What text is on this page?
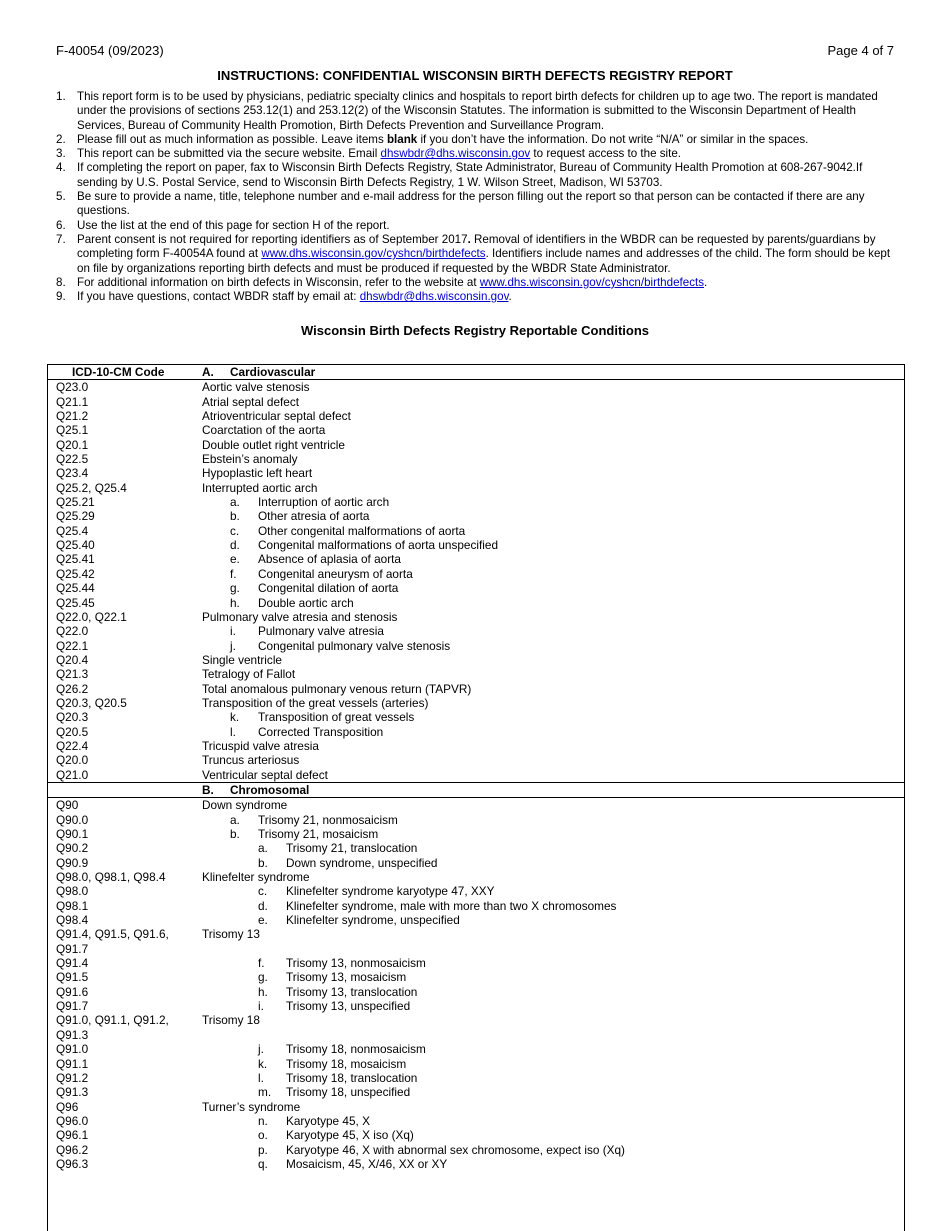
F-40054 (09/2023)	Page 4 of 7
INSTRUCTIONS: CONFIDENTIAL WISCONSIN BIRTH DEFECTS REGISTRY REPORT
1. This report form is to be used by physicians, pediatric specialty clinics and hospitals to report birth defects for children up to age two. The report is mandated under the provisions of sections 253.12(1) and 253.12(2) of the Wisconsin Statutes. The information is submitted to the Wisconsin Department of Health Services, Bureau of Community Health Promotion, Birth Defects Prevention and Surveillance Program.
2. Please fill out as much information as possible. Leave items blank if you don’t have the information. Do not write “N/A” or similar in the spaces.
3. This report can be submitted via the secure website. Email dhswbdr@dhs.wisconsin.gov to request access to the site.
4. If completing the report on paper, fax to Wisconsin Birth Defects Registry, State Administrator, Bureau of Community Health Promotion at 608-267-9042.If sending by U.S. Postal Service, send to Wisconsin Birth Defects Registry, 1 W. Wilson Street, Madison, WI 53703.
5. Be sure to provide a name, title, telephone number and e-mail address for the person filling out the report so that person can be contacted if there are any questions.
6. Use the list at the end of this page for section H of the report.
7. Parent consent is not required for reporting identifiers as of September 2017. Removal of identifiers in the WBDR can be requested by parents/guardians by completing form F-40054A found at www.dhs.wisconsin.gov/cyshcn/birthdefects. Identifiers include names and addresses of the child. The form should be kept on file by organizations reporting birth defects and must be produced if requested by the WBDR State Administrator.
8. For additional information on birth defects in Wisconsin, refer to the website at www.dhs.wisconsin.gov/cyshcn/birthdefects.
9. If you have questions, contact WBDR staff by email at: dhswbdr@dhs.wisconsin.gov.
Wisconsin Birth Defects Registry Reportable Conditions
ICD-10-CM Code	A. Cardiovascular
Q23.0	Aortic valve stenosis
Q21.1	Atrial septal defect
Q21.2	Atrioventricular septal defect
Q25.1	Coarctation of the aorta
Q20.1	Double outlet right ventricle
Q22.5	Ebstein’s anomaly
Q23.4	Hypoplastic left heart
Q25.2, Q25.4	Interrupted aortic arch
Q25.21	a. Interruption of aortic arch
Q25.29	b. Other atresia of aorta
Q25.4	c. Other congenital malformations of aorta
Q25.40	d. Congenital malformations of aorta unspecified
Q25.41	e. Absence of aplasia of aorta
Q25.42	f. Congenital aneurysm of aorta
Q25.44	g. Congenital dilation of aorta
Q25.45	h. Double aortic arch
Q22.0, Q22.1	Pulmonary valve atresia and stenosis
Q22.0	i. Pulmonary valve atresia
Q22.1	j. Congenital pulmonary valve stenosis
Q20.4	Single ventricle
Q21.3	Tetralogy of Fallot
Q26.2	Total anomalous pulmonary venous return (TAPVR)
Q20.3, Q20.5	Transposition of the great vessels (arteries)
Q20.3	k. Transposition of great vessels
Q20.5	l. Corrected Transposition
Q22.4	Tricuspid valve atresia
Q20.0	Truncus arteriosus
Q21.0	Ventricular septal defect
B. Chromosomal
Q90	Down syndrome
Q90.0	a. Trisomy 21, nonmosaicism
Q90.1	b. Trisomy 21, mosaicism
Q90.2	a. Trisomy 21, translocation
Q90.9	b. Down syndrome, unspecified
Q98.0, Q98.1, Q98.4	Klinefelter syndrome
Q98.0	c. Klinefelter syndrome karyotype 47, XXY
Q98.1	d. Klinefelter syndrome, male with more than two X chromosomes
Q98.4	e. Klinefelter syndrome, unspecified
Q91.4, Q91.5, Q91.6,	Trisomy 13
Q91.7
Q91.4	f. Trisomy 13, nonmosaicism
Q91.5	g. Trisomy 13, mosaicism
Q91.6	h. Trisomy 13, translocation
Q91.7	i. Trisomy 13, unspecified
Q91.0, Q91.1, Q91.2,	Trisomy 18
Q91.3
Q91.0	j. Trisomy 18, nonmosaicism
Q91.1	k. Trisomy 18, mosaicism
Q91.2	l. Trisomy 18, translocation
Q91.3	m. Trisomy 18, unspecified
Q96	Turner’s syndrome
Q96.0	n. Karyotype 45, X
Q96.1	o. Karyotype 45, X iso (Xq)
Q96.2	p. Karyotype 46, X with abnormal sex chromosome, expect iso (Xq)
Q96.3	q. Mosaicism, 45, X/46, XX or XY
